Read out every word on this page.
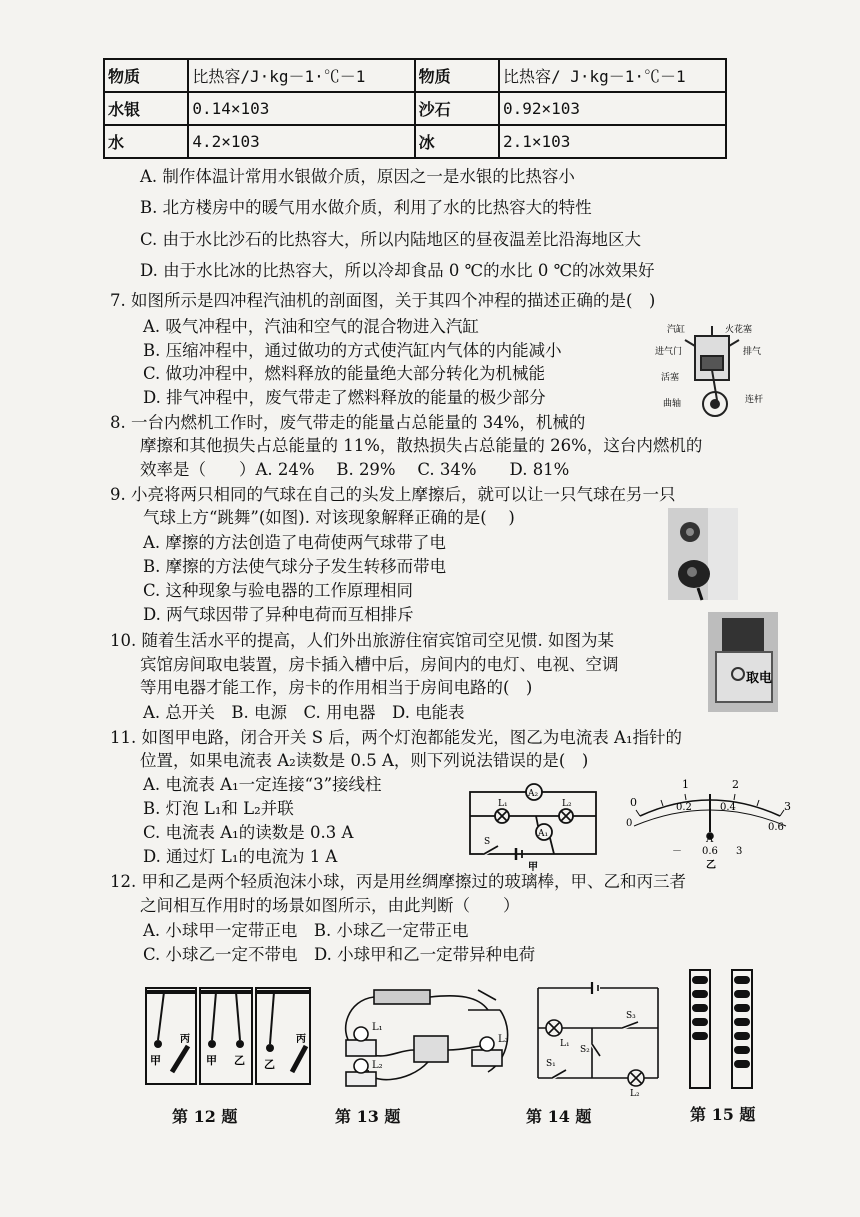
物质	比热容/J·kg－1·℃－1	物质	比热容/ J·kg－1·℃－1
水银	0.14×103	沙石	0.92×103
水	4.2×103	冰	2.1×103
A. 制作体温计常用水银做介质，原因之一是水银的比热容小
B. 北方楼房中的暖气用水做介质，利用了水的比热容大的特性
C. 由于水比沙石的比热容大，所以内陆地区的昼夜温差比沿海地区大
D. 由于水比冰的比热容大，所以冷却食品 0 ℃的水比 0 ℃的冰效果好
7. 如图所示是四冲程汽油机的剖面图，关于其四个冲程的描述正确的是(　)
A. 吸气冲程中，汽油和空气的混合物进入汽缸
B. 压缩冲程中，通过做功的方式使汽缸内气体的内能减小
C. 做功冲程中，燃料释放的能量绝大部分转化为机械能
D. 排气冲程中，废气带走了燃料释放的能量的极少部分
汽缸	火花塞
进气门	排气
活塞
曲轴	连杆
8. 一台内燃机工作时，废气带走的能量占总能量的 34%，机械的
摩擦和其他损失占总能量的 11%，散热损失占总能量的 26%，这台内燃机的
效率是（　　）A. 24%　 B. 29%　 C. 34%　　D. 81%
9. 小亮将两只相同的气球在自己的头发上摩擦后，就可以让一只气球在另一只
气球上方“跳舞”(如图). 对该现象解释正确的是(　 )
A. 摩擦的方法创造了电荷使两气球带了电
B. 摩擦的方法使气球分子发生转移而带电
C. 这种现象与验电器的工作原理相同
D. 两气球因带了异种电荷而互相排斥
10. 随着生活水平的提高，人们外出旅游住宿宾馆司空见惯. 如图为某
宾馆房间取电装置，房卡插入槽中后，房间内的电灯、电视、空调
等用电器才能工作，房卡的作用相当于房间电路的(　)
A. 总开关　B. 电源　C. 用电器　D. 电能表
取电
11. 如图甲电路，闭合开关 S 后，两个灯泡都能发光，图乙为电流表 A₁指针的
位置，如果电流表 A₂读数是 0.5 A，则下列说法错误的是(　)
A. 电流表 A₁一定连接“3”接线柱
B. 灯泡 L₁和 L₂并联
C. 电流表 A₁的读数是 0.3 A
D. 通过灯 L₁的电流为 1 A
A₂
L₁	L₂
A₁
S
甲
0
1	2
3
0
0.2	0.4
0.6
A
－ 0.6 3
乙
12. 甲和乙是两个轻质泡沫小球，丙是用丝绸摩擦过的玻璃棒，甲、乙和丙三者
之间相互作用时的场景如图所示，由此判断（　　）
A. 小球甲一定带正电　B. 小球乙一定带正电
C. 小球乙一定不带电　D. 小球甲和乙一定带异种电荷
甲
丙
甲 乙 乙
丙
L₁
L₂
L₃
S₃
S₂
S₁
L₁
L₂
第 12 题	第 13 题	第 14 题	第 15 题
